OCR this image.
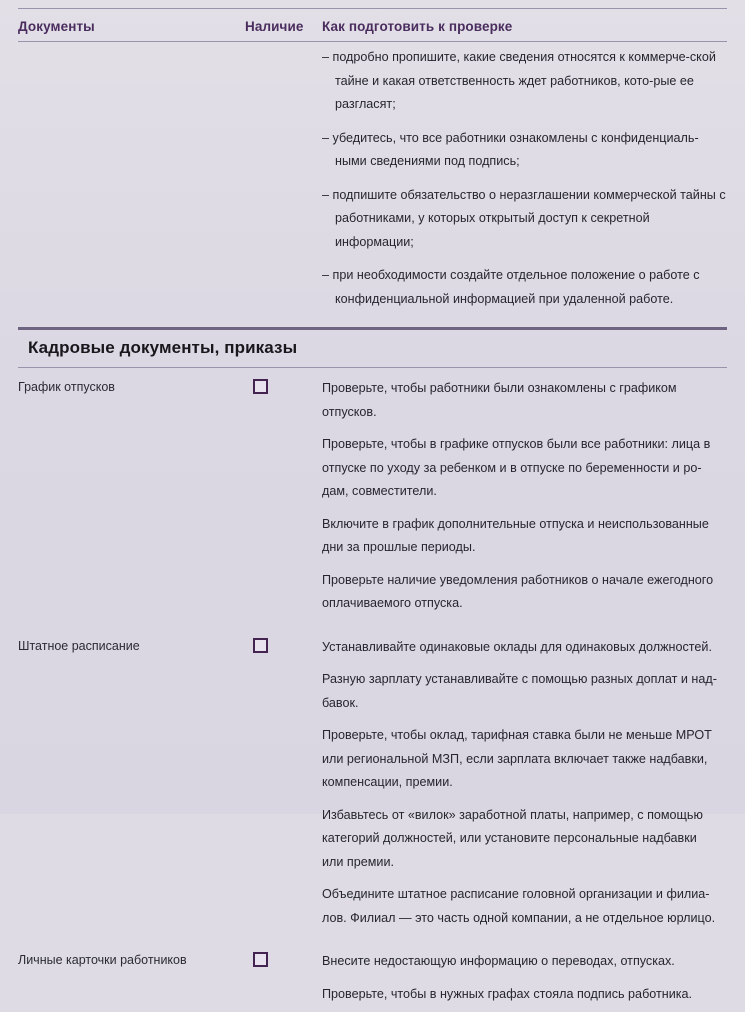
Документы	Наличие	Как подготовить к проверке
– подробно пропишите, какие сведения относятся к коммерче-ской тайне и какая ответственность ждет работников, кото-рые ее разгласят;
– убедитесь, что все работники ознакомлены с конфиденциаль-ными сведениями под подпись;
– подпишите обязательство о неразглашении коммерческой тайны с работниками, у которых открытый доступ к секретной информации;
– при необходимости создайте отдельное положение о работе с конфиденциальной информацией при удаленной работе.
Кадровые документы, приказы
График отпусков	Проверьте, чтобы работники были ознакомлены с графиком отпусков.

Проверьте, чтобы в графике отпусков были все работники: лица в отпуске по уходу за ребенком и в отпуске по беременности и ро-дам, совместители.

Включите в график дополнительные отпуска и неиспользованные дни за прошлые периоды.

Проверьте наличие уведомления работников о начале ежегодного оплачиваемого отпуска.

Штатное расписание	Устанавливайте одинаковые оклады для одинаковых должностей.

Разную зарплату устанавливайте с помощью разных доплат и над-бавок.

Проверьте, чтобы оклад, тарифная ставка были не меньше МРОТ или региональной МЗП, если зарплата включает также надбавки, компенсации, премии.

Избавьтесь от «вилок» заработной платы, например, с помощью категорий должностей, или установите персональные надбавки или премии.

Объедините штатное расписание головной организации и филиа-лов. Филиал — это часть одной компании, а не отдельное юрлицо.

Личные карточки работников	Внесите недостающую информацию о переводах, отпусках.

Проверьте, чтобы в нужных графах стояла подпись работника.
